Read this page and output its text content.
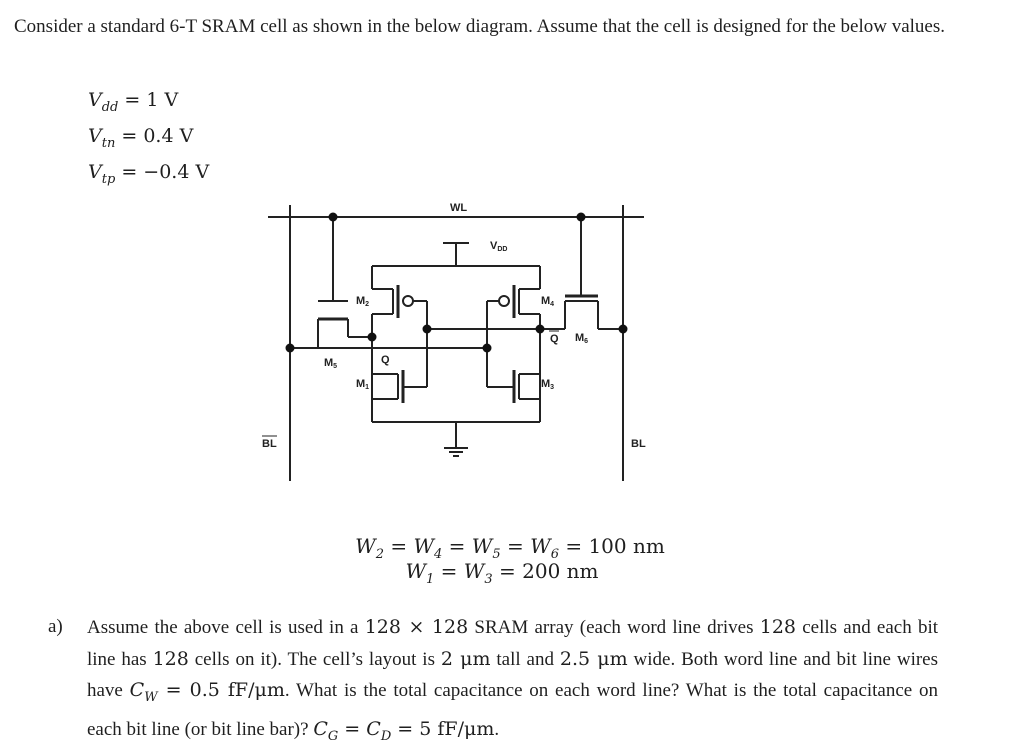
Consider a standard 6-T SRAM cell as shown in the below diagram. Assume that the cell is designed for the below values.

$V_{dd} = 1$ V
$V_{tn} = 0.4$ V
$V_{tp} = -0.4$ V
WL
VDD
BL	BL
M2	M4
M6
M5
M1	M3
Q
Q
$W_2 = W_4 = W_5 = W_6 = 100$ nm
$W_1 = W_3 = 200$ nm
a) Assume the above cell is used in a 128 × 128 SRAM array (each word line drives 128 cells and each bit line has 128 cells on it). The cell’s layout is 2 μm tall and 2.5 μm wide. Both word line and bit line wires have $C_W = 0.5$ fF/μm. What is the total capacitance on each word line? What is the total capacitance on each bit line (or bit line bar)? $C_G = C_D = 5$ fF/μm.
